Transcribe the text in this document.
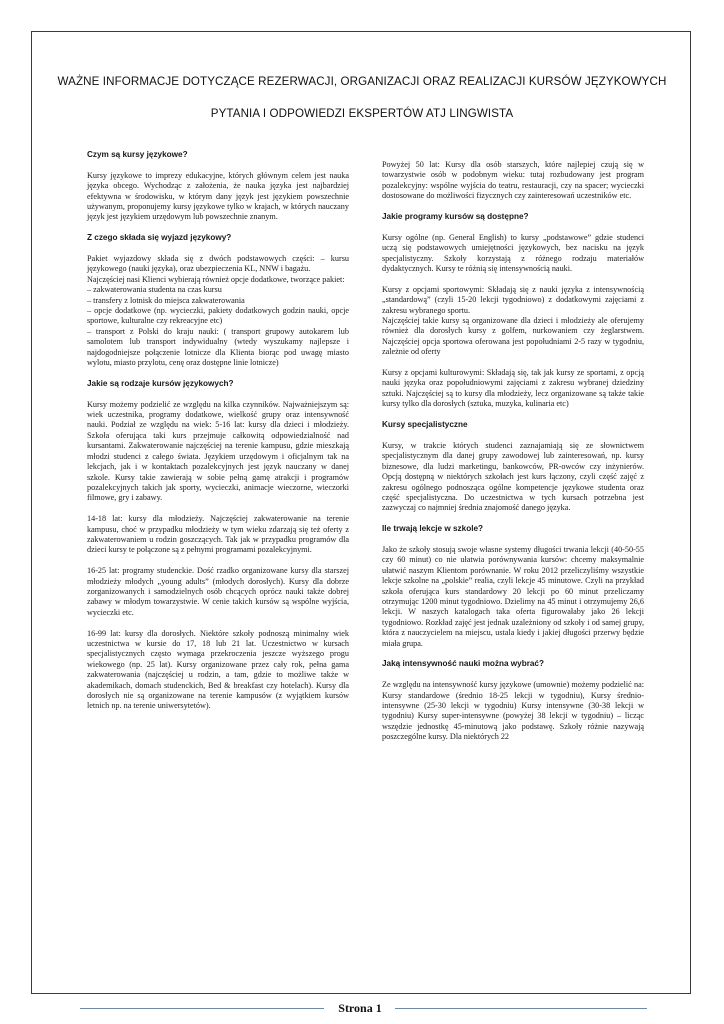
WAŻNE INFORMACJE DOTYCZĄCE REZERWACJI, ORGANIZACJI ORAZ REALIZACJI KURSÓW JĘZYKOWYCH
PYTANIA I ODPOWIEDZI EKSPERTÓW ATJ LINGWISTA
Czym są kursy językowe?

Kursy językowe to imprezy edukacyjne, których głównym celem jest nauka języka obcego. Wychodząc z założenia, że nauka języka jest najbardziej efektywna w środowisku, w którym dany język jest językiem powszechnie używanym, proponujemy kursy językowe tylko w krajach, w których nauczany język jest językiem urzędowym lub powszechnie znanym.

Z czego składa się wyjazd językowy?

Pakiet wyjazdowy składa się z dwóch podstawowych części: – kursu językowego (nauki języka), oraz ubezpieczenia KL, NNW i bagażu.
Najczęściej nasi Klienci wybierają również opcje dodatkowe, tworzące pakiet:
– zakwaterowania studenta na czas kursu
– transfery z lotnisk do miejsca zakwaterowania
– opcje dodatkowe (np. wycieczki, pakiety dodatkowych godzin nauki, opcje sportowe, kulturalne czy rekreacyjne etc)
– transport z Polski do kraju nauki: ( transport grupowy autokarem lub samolotem lub transport indywidualny (wtedy wyszukamy najlepsze i najdogodniejsze połączenie lotnicze dla Klienta biorąc pod uwagę miasto wylotu, miasto przylotu, cenę oraz dostępne linie lotnicze)

Jakie są rodzaje kursów językowych?

Kursy możemy podzielić ze względu na kilka czynników. Najważniejszym są: wiek uczestnika, programy dodatkowe, wielkość grupy oraz intensywność nauki. Podział ze względu na wiek: 5-16 lat: kursy dla dzieci i młodzieży. Szkoła oferująca taki kurs przejmuje całkowitą odpowiedzialność nad kursantami. Zakwaterowanie najczęściej na terenie kampusu, gdzie mieszkają młodzi studenci z całego świata. Językiem urzędowym i oficjalnym tak na lekcjach, jak i w kontaktach pozalekcyjnych jest język nauczany w danej szkole. Kursy takie zawierają w sobie pełną gamę atrakcji i programów pozalekcyjnych takich jak sporty, wycieczki, animacje wieczorne, wieczorki filmowe, gry i zabawy.

14-18 lat: kursy dla młodzieży. Najczęściej zakwaterowanie na terenie kampusu, choć w przypadku młodzieży w tym wieku zdarzają się też oferty z zakwaterowaniem u rodzin goszczących. Tak jak w przypadku programów dla dzieci kursy te połączone są z pełnymi programami pozalekcyjnymi.

16-25 lat: programy studenckie. Dość rzadko organizowane kursy dla starszej młodzieży młodych „young adults” (młodych dorosłych). Kursy dla dobrze zorganizowanych i samodzielnych osób chcących oprócz nauki także dobrej zabawy w młodym towarzystwie. W cenie takich kursów są wspólne wyjścia, wycieczki etc.

16-99 lat: kursy dla dorosłych. Niektóre szkoły podnoszą minimalny wiek uczestnictwa w kursie do 17, 18 lub 21 lat. Uczestnictwo w kursach specjalistycznych często wymaga przekroczenia jeszcze wyższego progu wiekowego (np. 25 lat). Kursy organizowane przez cały rok, pełna gama zakwaterowania (najczęściej u rodzin, a tam, gdzie to możliwe także w akademikach, domach studenckich, Bed & breakfast czy hotelach). Kursy dla dorosłych nie są organizowane na terenie kampusów (z wyjątkiem kursów letnich np. na terenie uniwersytetów).

Powyżej 50 lat: Kursy dla osób starszych, które najlepiej czują się w towarzystwie osób w podobnym wieku: tutaj rozbudowany jest program pozalekcyjny: wspólne wyjścia do teatru, restauracji, czy na spacer; wycieczki dostosowane do możliwości fizycznych czy zainteresowań uczestników etc.

Jakie programy kursów są dostępne?

Kursy ogólne (np. General English) to kursy „podstawowe” gdzie studenci uczą się podstawowych umiejętności językowych, bez nacisku na język specjalistyczny. Szkoły korzystają z różnego rodzaju materiałów dydaktycznych. Kursy te różnią się intensywnością nauki.

Kursy z opcjami sportowymi: Składają się z nauki języka z intensywnością „standardową” (czyli 15-20 lekcji tygodniowo) z dodatkowymi zajęciami z zakresu wybranego sportu.
Najczęściej takie kursy są organizowane dla dzieci i młodzieży ale oferujemy również dla dorosłych kursy z golfem, nurkowaniem czy żeglarstwem. Najczęściej opcja sportowa oferowana jest popołudniami 2-5 razy w tygodniu, zależnie od oferty

Kursy z opcjami kulturowymi: Składają się, tak jak kursy ze sportami, z opcją nauki języka oraz popołudniowymi zajęciami z zakresu wybranej dziedziny sztuki. Najczęściej są to kursy dla młodzieży, lecz organizowane są także takie kursy tylko dla dorosłych (sztuka, muzyka, kulinaria etc)

Kursy specjalistyczne

Kursy, w trakcie których studenci zaznajamiają się ze słownictwem specjalistycznym dla danej grupy zawodowej lub zainteresowań, np. kursy biznesowe, dla ludzi marketingu, bankowców, PR-owców czy inżynierów. Opcją dostępną w niektórych szkołach jest kurs łączony, czyli część zajęć z zakresu ogólnego podnosząca ogólne kompetencje językowe studenta oraz część specjalistyczna. Do uczestnictwa w tych kursach potrzebna jest zazwyczaj co najmniej średnia znajomość danego języka.

Ile trwają lekcje w szkole?

Jako że szkoły stosują swoje własne systemy długości trwania lekcji (40-50-55 czy 60 minut) co nie ułatwia porównywania kursów: chcemy maksymalnie ułatwić naszym Klientom porównanie. W roku 2012 przeliczyliśmy wszystkie lekcje szkolne na „polskie” realia, czyli lekcje 45 minutowe. Czyli na przykład szkoła oferująca kurs standardowy 20 lekcji po 60 minut przeliczamy otrzymując 1200 minut tygodniowo. Dzielimy na 45 minut i otrzymujemy 26,6 lekcji. W naszych katalogach taka oferta figurowałaby jako 26 lekcji tygodniowo. Rozkład zajęć jest jednak uzależniony od szkoły i od samej grupy, która z nauczycielem na miejscu, ustala kiedy i jakiej długości przerwy będzie miała grupa.

Jaką intensywność nauki można wybrać?

Ze względu na intensywność kursy językowe (umownie) możemy podzielić na: Kursy standardowe (średnio 18-25 lekcji w tygodniu), Kursy średnio-intensywne (25-30 lekcji w tygodniu) Kursy intensywne (30-38 lekcji w tygodniu) Kursy super-intensywne (powyżej 38 lekcji w tygodniu) – licząc wszędzie jednostkę 45-minutową jako podstawę. Szkoły różnie nazywają poszczególne kursy. Dla niektórych 22

Strona 1
